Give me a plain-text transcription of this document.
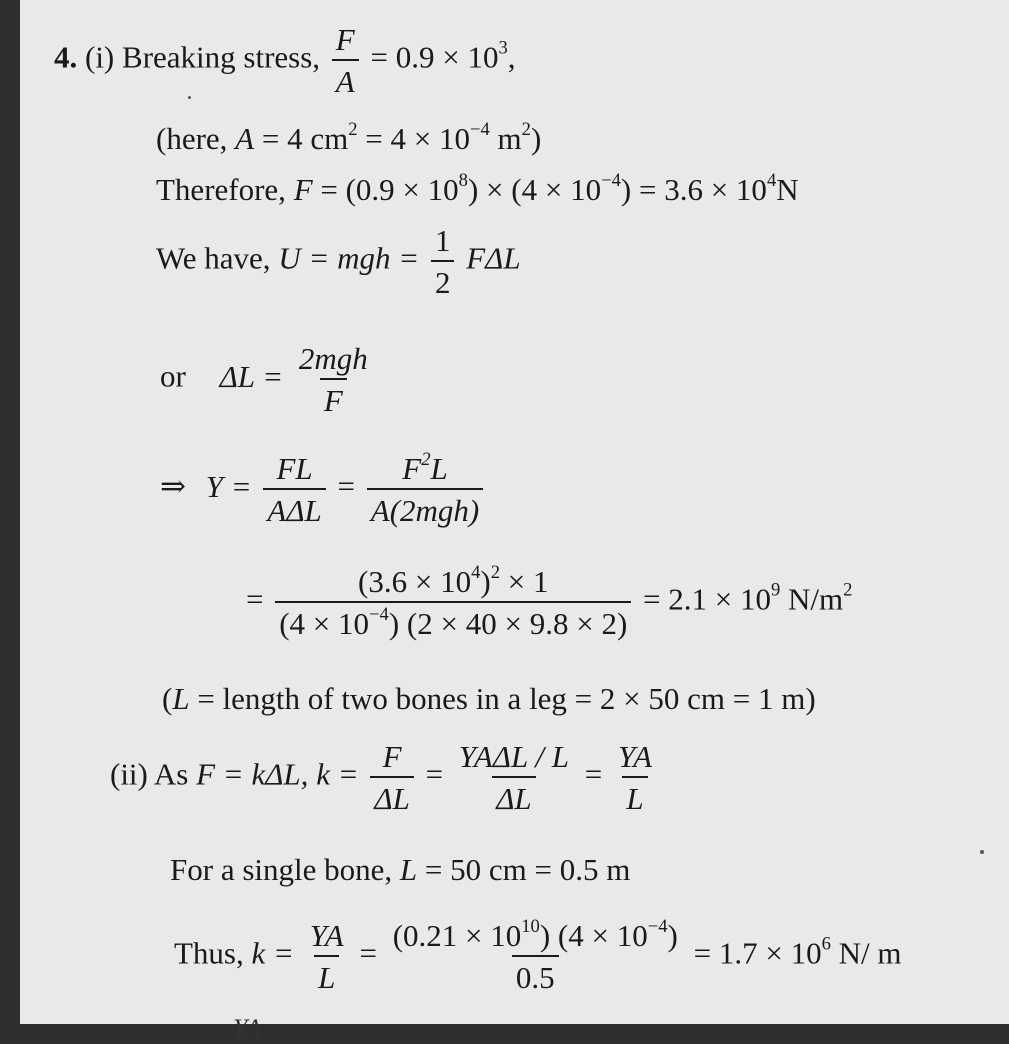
4. (i) Breaking stress, $\frac{F}{A} = 0.9 \times 10^3$,
(here, A = 4 $cm^2 = 4 \times 10^{-4}$ $m^2$)
Therefore, $F = (0.9 \times 10^8) \times (4 \times 10^{-4}) = 3.6 \times 10^4N$
We have, U = mgh = $\frac{1}{2}$ FΔL
or $\Delta L = \frac{\text{2mgh}}{F}$
⇒ $Y = \frac{FL}{\text{AΔL}} = \frac{F^2L}{\text{A(2mgh)}}$
= $\frac{(3.6 \times 10^4)^2 \times 1}{(4 \times 10^{-4}) (2 \times 40 \times 9.8 \times 2)} = 2.1 \times 10^9$ $N/m^2$
(L = length of two bones in a leg = 2 × 50 cm = 1 m)
(ii) As F = kΔL, $k = \frac{F}{\Delta L} = \frac{\text{YAΔL / L}}{\Delta L} = \frac{YA}{L}$
For a single bone, L = 50 cm = 0.5 m
Thus, $k = \frac{YA}{L} = \frac{(0.21 \times 10^{10}) (4 \times 10^{-4})}{0.5} = 1.7 \times 10^6$ N/ m
YA
